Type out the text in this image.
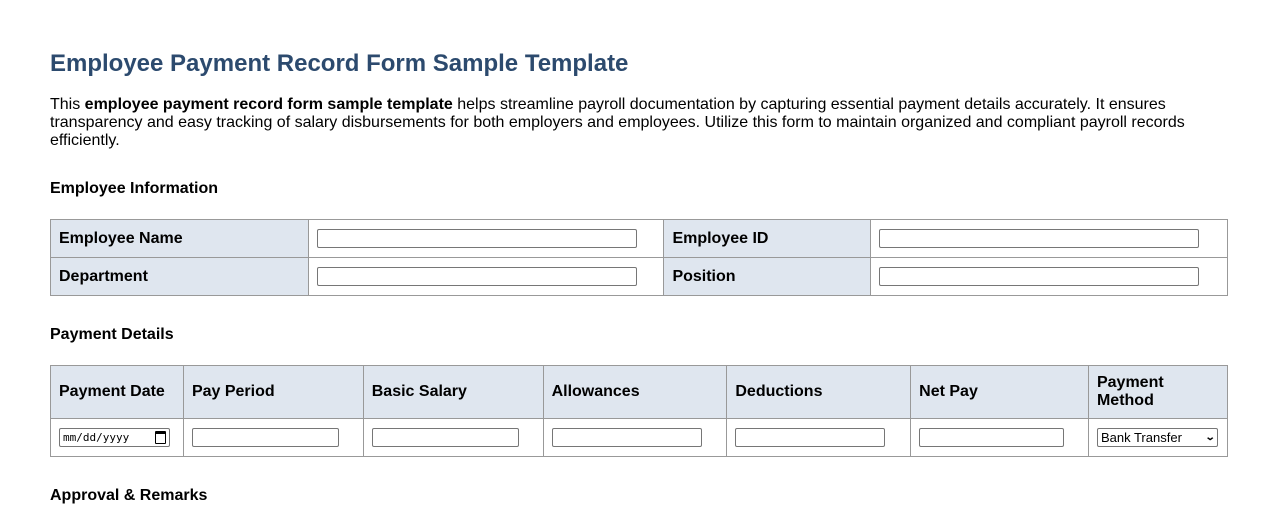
Employee Payment Record Form Sample Template

This employee payment record form sample template helps streamline payroll documentation by capturing essential payment details accurately. It ensures transparency and easy tracking of salary disbursements for both employers and employees. Utilize this form to maintain organized and compliant payroll records efficiently.

Employee Information
Employee Name		Employee ID	
Department		Position	
Payment Details
Payment Date	Pay Period	Basic Salary	Allowances	Deductions	Net Pay	Payment Method

mm/dd/yyyy						Bank Transfer ⌄
Approval & Remarks
